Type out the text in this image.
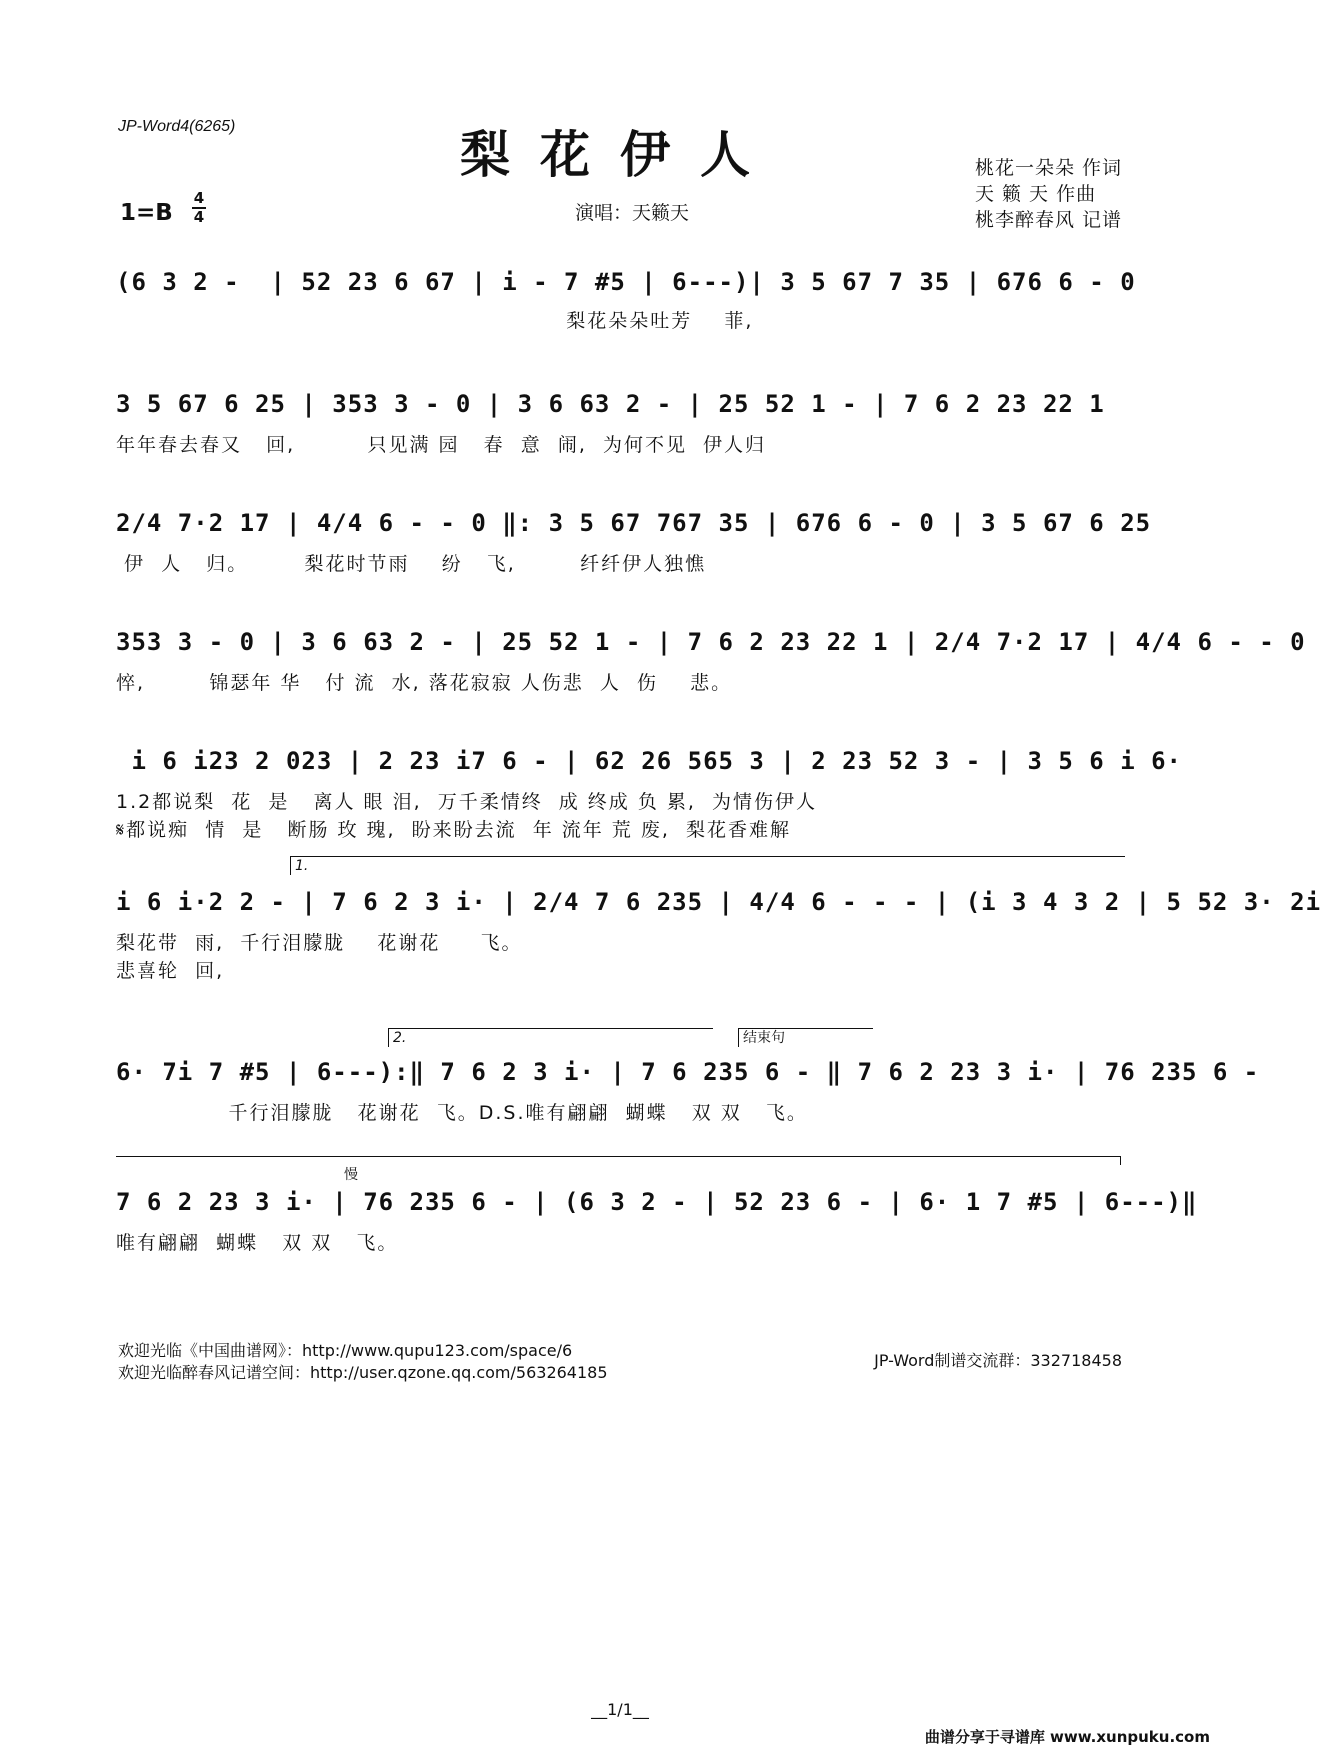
JP-Word4(6265)	梨花伊人	桃花一朵朵 作词
天 籁 天 作曲
桃李醉春风 记谱
1=B
4
4	演唱：天籁天
(6 3 2 -  | 52 23 6 67 | i - 7 #5 | 6---)| 3 5 67 7 35 | 676 6 - 0
梨花朵朵吐芳    菲,
3 5 67 6 25 | 353 3 - 0 | 3 6 63 2 - | 25 52 1 - | 7 6 2 23 22 1
年年春去春又   回,         只见满 园   春  意  闹,  为何不见  伊人归
2/4 7·2 17 | 4/4 6 - - 0 ‖: 3 5 67 767 35 | 676 6 - 0 | 3 5 67 6 25
伊  人   归。       梨花时节雨    纷   飞,        纤纤伊人独憔
353 3 - 0 | 3 6 63 2 - | 25 52 1 - | 7 6 2 23 22 1 | 2/4 7·2 17 | 4/4 6 - - 0
悴,        锦瑟年 华   付 流  水, 落花寂寂 人伤悲  人  伤    悲。
i 6 i23 2 023 | 2 23 i7 6 - | 62 26 565 3 | 2 23 52 3 - | 3 5 6 i 6·
1.2都说梨  花  是   离人 眼 泪,  万千柔情终  成 终成 负 累,  为情伤伊人
𝄋都说痴  情  是   断肠 玫 瑰,  盼来盼去流  年 流年 荒 废,  梨花香难解
1.
i 6 i·2 2 - | 7 6 2 3 i· | 2/4 7 6 235 | 4/4 6 - - - | (i 3 4 3 2 | 5 52 3· 2i
梨花带  雨,  千行泪朦胧    花谢花     飞。
悲喜轮  回,
2.	结束句
6· 7i 7 #5 | 6---):‖ 7 6 2 3 i· | 7 6 235 6 - ‖ 7 6 2 23 3 i· | 76 235 6 -
千行泪朦胧   花谢花  飞。D.S.唯有翩翩  蝴蝶   双 双   飞。
慢
7 6 2 23 3 i· | 76 235 6 - | (6 3 2 - | 52 23 6 - | 6· 1 7 #5 | 6---)‖
唯有翩翩  蝴蝶   双 双   飞。
欢迎光临《中国曲谱网》：http://www.qupu123.com/space/6
欢迎光临醉春风记谱空间：http://user.qzone.qq.com/563264185
JP-Word制谱交流群：332718458
__1/1__
曲谱分享于寻谱库 www.xunpuku.com
